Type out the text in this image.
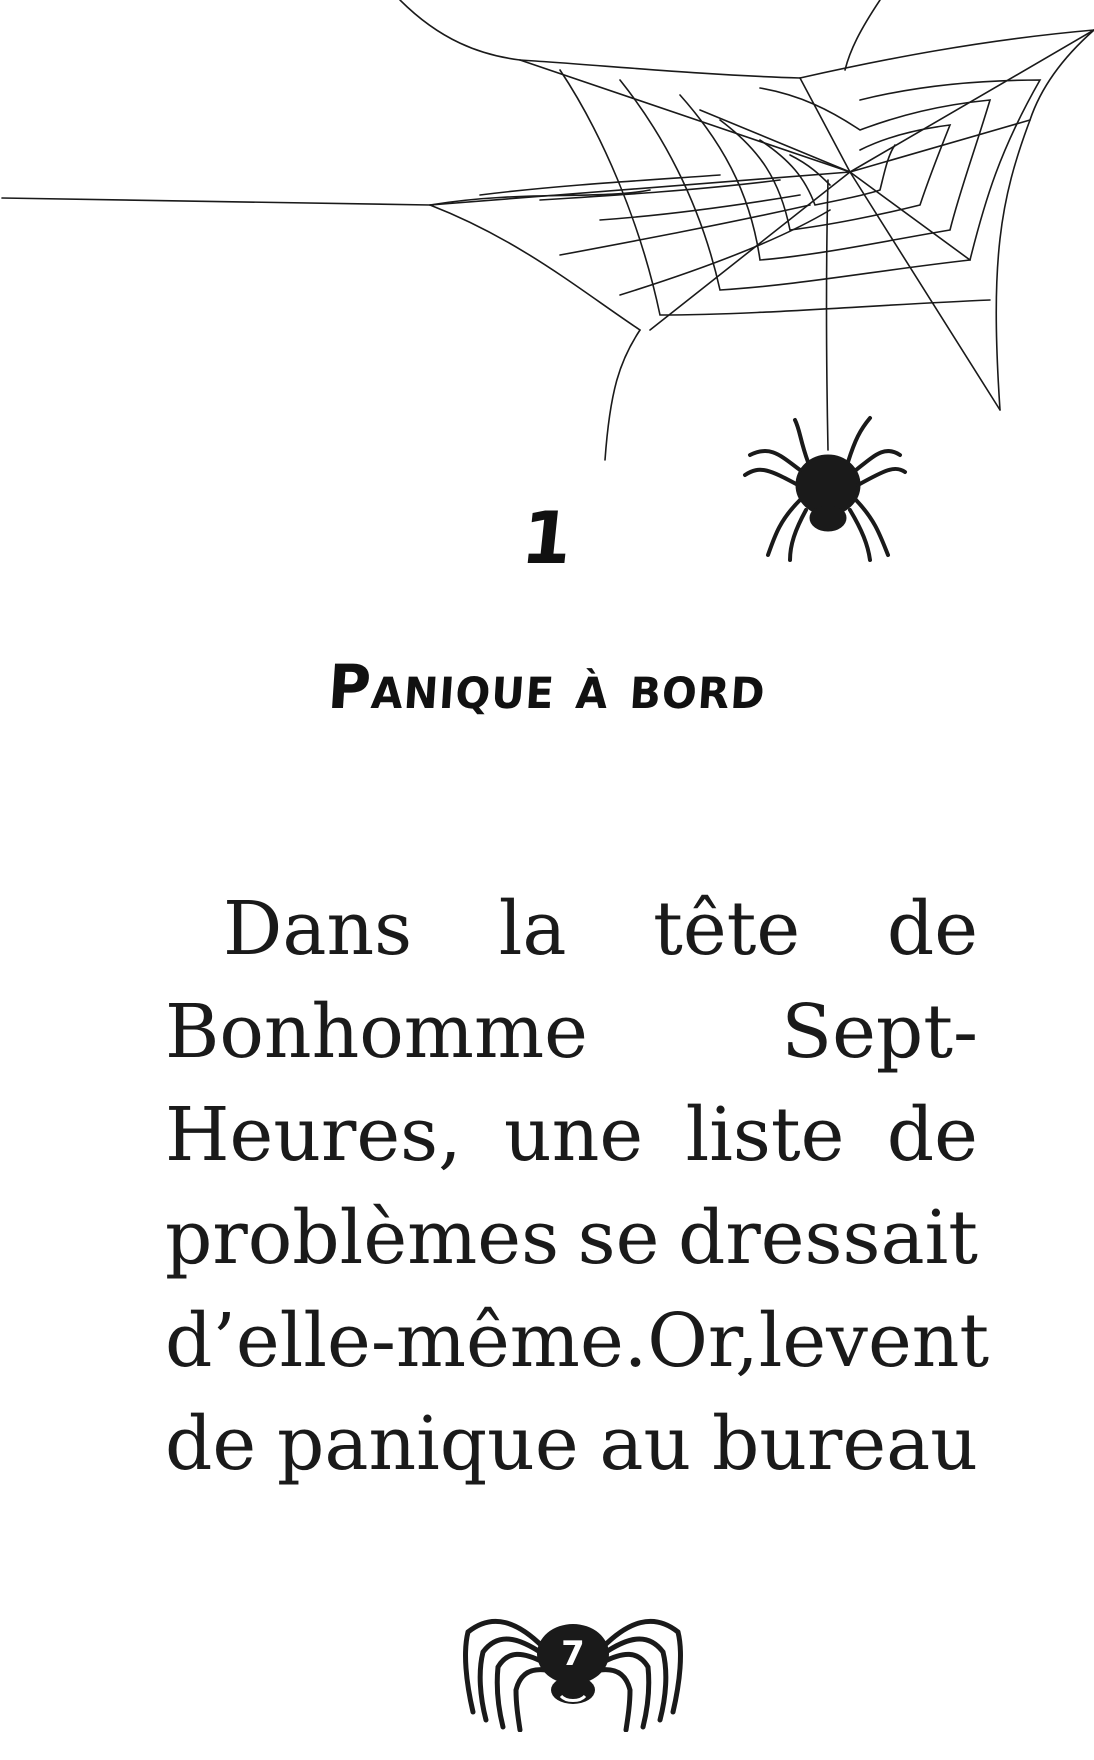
1
Panique à bord
Dans la tête de
Bonhomme	Sept-
Heures, une liste de
problèmes se dressait
d’elle-même. Or, le vent
de panique au bureau
7
